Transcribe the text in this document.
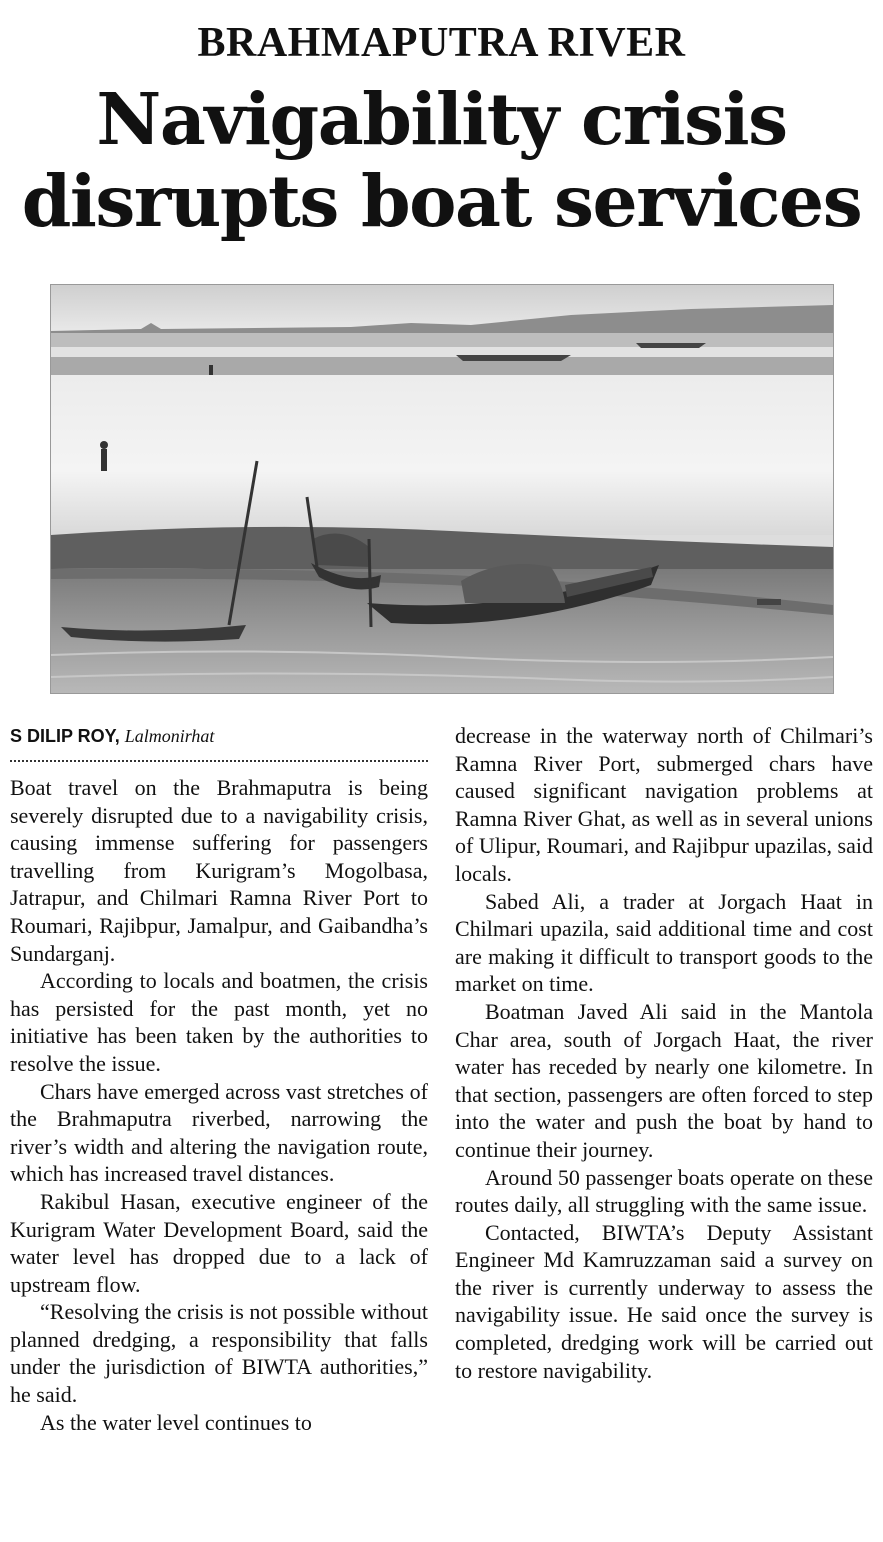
BRAHMAPUTRA RIVER
Navigability crisis
disrupts boat services
S DILIP ROY, Lalmonirhat

Boat travel on the Brahmaputra is being severely disrupted due to a navigability crisis, causing immense suffering for passengers travelling from Kurigram’s Mogolbasa, Jatrapur, and Chilmari Ramna River Port to Roumari, Rajibpur, Jamalpur, and Gaibandha’s Sundarganj.

According to locals and boatmen, the crisis has persisted for the past month, yet no initiative has been taken by the authorities to resolve the issue.

Chars have emerged across vast stretches of the Brahmaputra riverbed, narrowing the river’s width and altering the navigation route, which has increased travel distances.

Rakibul Hasan, executive engineer of the Kurigram Water Development Board, said the water level has dropped due to a lack of upstream flow.

“Resolving the crisis is not possible without planned dredging, a responsibility that falls under the jurisdiction of BIWTA authorities,” he said.

As the water level continues to

decrease in the waterway north of Chilmari’s Ramna River Port, submerged chars have caused significant navigation problems at Ramna River Ghat, as well as in several unions of Ulipur, Roumari, and Rajibpur upazilas, said locals.

Sabed Ali, a trader at Jorgach Haat in Chilmari upazila, said additional time and cost are making it difficult to transport goods to the market on time.

Boatman Javed Ali said in the Mantola Char area, south of Jorgach Haat, the river water has receded by nearly one kilometre. In that section, passengers are often forced to step into the water and push the boat by hand to continue their journey.

Around 50 passenger boats operate on these routes daily, all struggling with the same issue.

Contacted, BIWTA’s Deputy Assistant Engineer Md Kamruzzaman said a survey on the river is currently underway to assess the navigability issue. He said once the survey is completed, dredging work will be carried out to restore navigability.
